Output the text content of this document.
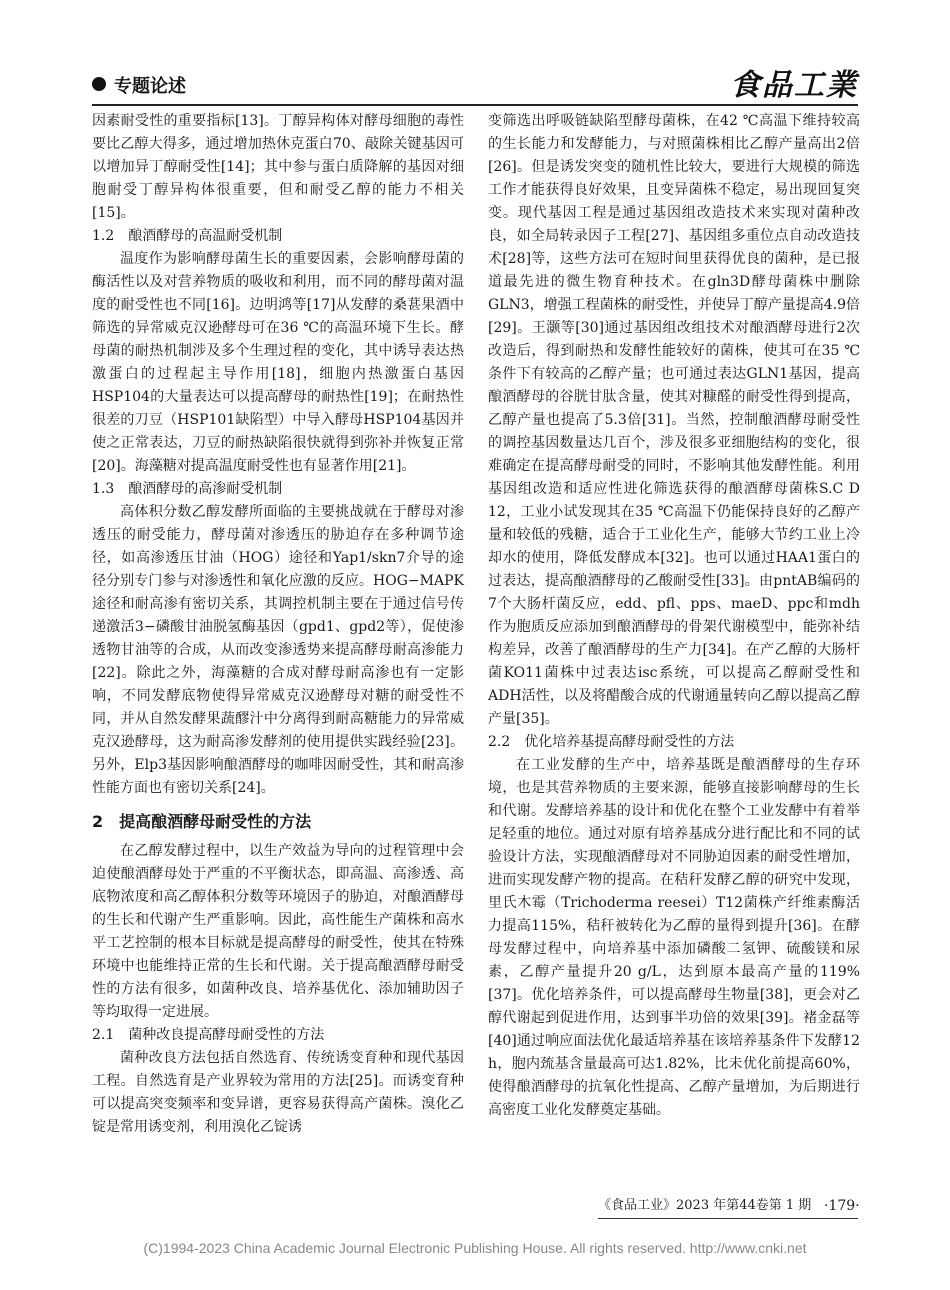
专题论述	食品工業

因素耐受性的重要指标[13]。丁醇异构体对酵母细胞的毒性要比乙醇大得多，通过增加热休克蛋白70、敲除关键基因可以增加异丁醇耐受性[14]；其中参与蛋白质降解的基因对细胞耐受丁醇异构体很重要，但和耐受乙醇的能力不相关[15]。

1.2　酿酒酵母的高温耐受机制

温度作为影响酵母菌生长的重要因素，会影响酵母菌的酶活性以及对营养物质的吸收和利用，而不同的酵母菌对温度的耐受性也不同[16]。边明鸿等[17]从发酵的桑葚果酒中筛选的异常威克汉逊酵母可在36 ℃的高温环境下生长。酵母菌的耐热机制涉及多个生理过程的变化，其中诱导表达热激蛋白的过程起主导作用[18]，细胞内热激蛋白基因HSP104的大量表达可以提高酵母的耐热性[19]；在耐热性很差的刀豆（HSP101缺陷型）中导入酵母HSP104基因并使之正常表达，刀豆的耐热缺陷很快就得到弥补并恢复正常[20]。海藻糖对提高温度耐受性也有显著作用[21]。

1.3　酿酒酵母的高渗耐受机制

高体积分数乙醇发酵所面临的主要挑战就在于酵母对渗透压的耐受能力，酵母菌对渗透压的胁迫存在多种调节途径，如高渗透压甘油（HOG）途径和Yap1/skn7介导的途径分别专门参与对渗透性和氧化应激的反应。HOG−MAPK途径和耐高渗有密切关系，其调控机制主要在于通过信号传递激活3−磷酸甘油脱氢酶基因（gpd1、gpd2等），促使渗透物甘油等的合成，从而改变渗透势来提高酵母耐高渗能力[22]。除此之外，海藻糖的合成对酵母耐高渗也有一定影响，不同发酵底物使得异常威克汉逊酵母对糖的耐受性不同，并从自然发酵果蔬醪汁中分离得到耐高糖能力的异常威克汉逊酵母，这为耐高渗发酵剂的使用提供实践经验[23]。另外，Elp3基因影响酿酒酵母的咖啡因耐受性，其和耐高渗性能方面也有密切关系[24]。

2　提高酿酒酵母耐受性的方法

在乙醇发酵过程中，以生产效益为导向的过程管理中会迫使酿酒酵母处于严重的不平衡状态，即高温、高渗透、高底物浓度和高乙醇体积分数等环境因子的胁迫，对酿酒酵母的生长和代谢产生严重影响。因此，高性能生产菌株和高水平工艺控制的根本目标就是提高酵母的耐受性，使其在特殊环境中也能维持正常的生长和代谢。关于提高酿酒酵母耐受性的方法有很多，如菌种改良、培养基优化、添加辅助因子等均取得一定进展。

2.1　菌种改良提高酵母耐受性的方法

菌种改良方法包括自然选育、传统诱变育种和现代基因工程。自然选育是产业界较为常用的方法[25]。而诱变育种可以提高突变频率和变异谱，更容易获得高产菌株。溴化乙锭是常用诱变剂，利用溴化乙锭诱

变筛选出呼吸链缺陷型酵母菌株，在42 ℃高温下维持较高的生长能力和发酵能力，与对照菌株相比乙醇产量高出2倍[26]。但是诱发突变的随机性比较大，要进行大规模的筛选工作才能获得良好效果，且变异菌株不稳定，易出现回复突变。现代基因工程是通过基因组改造技术来实现对菌种改良，如全局转录因子工程[27]、基因组多重位点自动改造技术[28]等，这些方法可在短时间里获得优良的菌种，是已报道最先进的微生物育种技术。在gln3D酵母菌株中删除GLN3，增强工程菌株的耐受性，并使异丁醇产量提高4.9倍[29]。王灏等[30]通过基因组改组技术对酿酒酵母进行2次改造后，得到耐热和发酵性能较好的菌株，使其可在35 ℃条件下有较高的乙醇产量；也可通过表达GLN1基因，提高酿酒酵母的谷胱甘肽含量，使其对糠醛的耐受性得到提高，乙醇产量也提高了5.3倍[31]。当然，控制酿酒酵母耐受性的调控基因数量达几百个，涉及很多亚细胞结构的变化，很难确定在提高酵母耐受的同时，不影响其他发酵性能。利用基因组改造和适应性进化筛选获得的酿酒酵母菌株S.C D 12，工业小试发现其在35 ℃高温下仍能保持良好的乙醇产量和较低的残糖，适合于工业化生产，能够大节约工业上冷却水的使用，降低发酵成本[32]。也可以通过HAA1蛋白的过表达，提高酿酒酵母的乙酸耐受性[33]。由pntAB编码的7个大肠杆菌反应，edd、pfl、pps、maeD、ppc和mdh作为胞质反应添加到酿酒酵母的骨架代谢模型中，能弥补结构差异，改善了酿酒酵母的生产力[34]。在产乙醇的大肠杆菌KO11菌株中过表达isc系统，可以提高乙醇耐受性和ADH活性，以及将醋酸合成的代谢通量转向乙醇以提高乙醇产量[35]。

2.2　优化培养基提高酵母耐受性的方法

在工业发酵的生产中，培养基既是酿酒酵母的生存环境，也是其营养物质的主要来源，能够直接影响酵母的生长和代谢。发酵培养基的设计和优化在整个工业发酵中有着举足轻重的地位。通过对原有培养基成分进行配比和不同的试验设计方法，实现酿酒酵母对不同胁迫因素的耐受性增加，进而实现发酵产物的提高。在秸秆发酵乙醇的研究中发现，里氏木霉（Trichoderma reesei）T12菌株产纤维素酶活力提高115%，秸秆被转化为乙醇的量得到提升[36]。在酵母发酵过程中，向培养基中添加磷酸二氢钾、硫酸镁和尿素，乙醇产量提升20 g/L，达到原本最高产量的119%[37]。优化培养条件，可以提高酵母生物量[38]，更会对乙醇代谢起到促进作用，达到事半功倍的效果[39]。褚金磊等[40]通过响应面法优化最适培养基在该培养基条件下发酵12 h，胞内巯基含量最高可达1.82%，比未优化前提高60%，使得酿酒酵母的抗氧化性提高、乙醇产量增加，为后期进行高密度工业化发酵奠定基础。

《食品工业》2023 年第44卷第 1 期 ·179·
(C)1994-2023 China Academic Journal Electronic Publishing House. All rights reserved. http://www.cnki.net
